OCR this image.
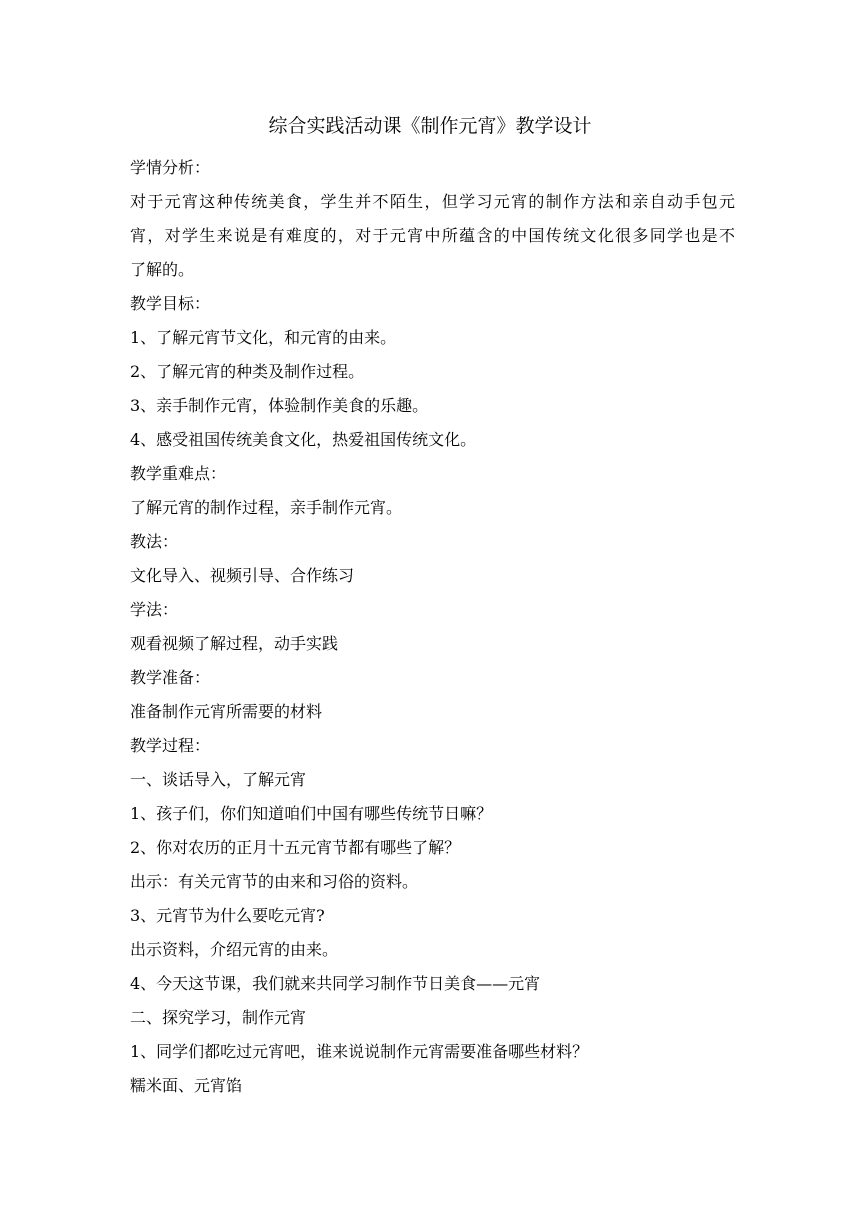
综合实践活动课《制作元宵》教学设计
学情分析：
对于元宵这种传统美食，学生并不陌生，但学习元宵的制作方法和亲自动手包元
宵，对学生来说是有难度的，对于元宵中所蕴含的中国传统文化很多同学也是不
了解的。
教学目标：
1、了解元宵节文化，和元宵的由来。
2、了解元宵的种类及制作过程。
3、亲手制作元宵，体验制作美食的乐趣。
4、感受祖国传统美食文化，热爱祖国传统文化。
教学重难点：
了解元宵的制作过程，亲手制作元宵。
教法：
文化导入、视频引导、合作练习
学法：
观看视频了解过程，动手实践
教学准备：
准备制作元宵所需要的材料
教学过程：
一、谈话导入，了解元宵
1、孩子们，你们知道咱们中国有哪些传统节日嘛？
2、你对农历的正月十五元宵节都有哪些了解？
出示：有关元宵节的由来和习俗的资料。
3、元宵节为什么要吃元宵?
出示资料，介绍元宵的由来。
4、今天这节课，我们就来共同学习制作节日美食——元宵
二、探究学习，制作元宵
1、同学们都吃过元宵吧，谁来说说制作元宵需要准备哪些材料？
糯米面、元宵馅
